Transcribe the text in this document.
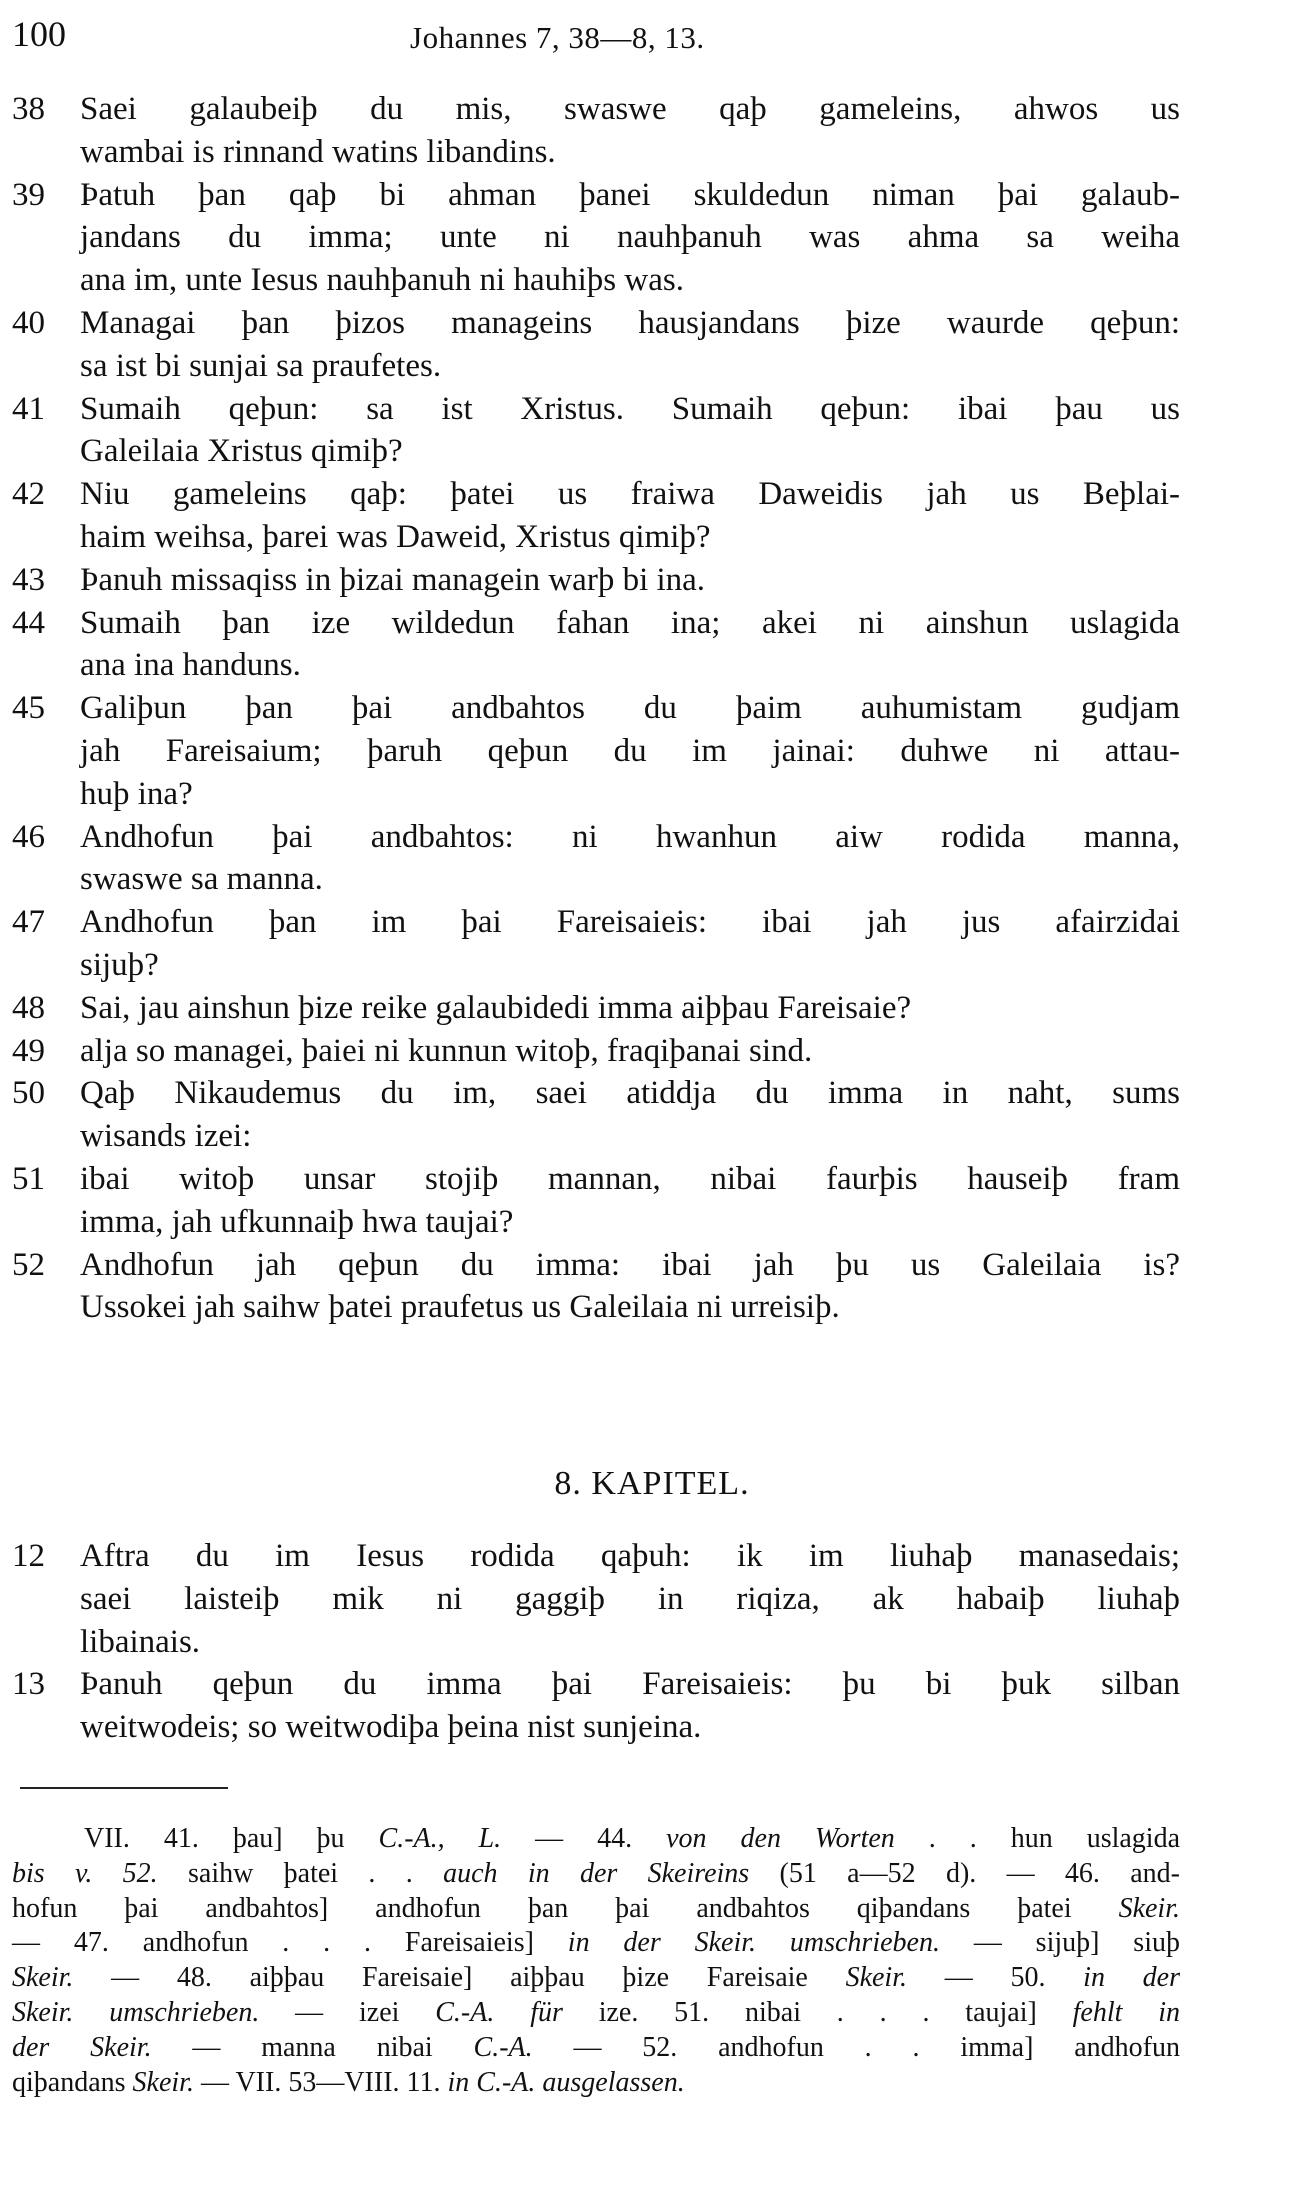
100	Johannes 7, 38—8, 13.
38	Saei galaubeiþ du mis, swaswe qaþ gameleins, ahwos us
wambai is rinnand watins libandins.
39	Þatuh þan qaþ bi ahman þanei skuldedun niman þai galaub-
jandans du imma; unte ni nauhþanuh was ahma sa weiha
ana im, unte Iesus nauhþanuh ni hauhiþs was.
40	Managai þan þizos manageins hausjandans þize waurde qeþun:
sa ist bi sunjai sa praufetes.
41	Sumaih qeþun: sa ist Xristus. Sumaih qeþun: ibai þau us
Galeilaia Xristus qimiþ?
42	Niu gameleins qaþ: þatei us fraiwa Daweidis jah us Beþlai-
haim weihsa, þarei was Daweid, Xristus qimiþ?
43	Þanuh missaqiss in þizai managein warþ bi ina.
44	Sumaih þan ize wildedun fahan ina; akei ni ainshun uslagida
ana ina handuns.
45	Galiþun þan þai andbahtos du þaim auhumistam gudjam
jah Fareisaium; þaruh qeþun du im jainai: duhwe ni attau-
huþ ina?
46	Andhofun þai andbahtos: ni hwanhun aiw rodida manna,
swaswe sa manna.
47	Andhofun þan im þai Fareisaieis: ibai jah jus afairzidai
sijuþ?
48	Sai, jau ainshun þize reike galaubidedi imma aiþþau Fareisaie?
49	alja so managei, þaiei ni kunnun witoþ, fraqiþanai sind.
50	Qaþ Nikaudemus du im, saei atiddja du imma in naht, sums
wisands izei:
51	ibai witoþ unsar stojiþ mannan, nibai faurþis hauseiþ fram
imma, jah ufkunnaiþ hwa taujai?
52	Andhofun jah qeþun du imma: ibai jah þu us Galeilaia is?
Ussokei jah saihw þatei praufetus us Galeilaia ni urreisiþ.
8. KAPITEL.
12	Aftra du im Iesus rodida qaþuh: ik im liuhaþ manasedais;
saei laisteiþ mik ni gaggiþ in riqiza, ak habaiþ liuhaþ
libainais.
13	Þanuh qeþun du imma þai Fareisaieis: þu bi þuk silban
weitwodeis; so weitwodiþa þeina nist sunjeina.
VII. 41. þau] þu C.-A., L. — 44. von den Worten . . hun uslagida
bis v. 52. saihw þatei . . auch in der Skeireins (51 a—52 d). — 46. and-
hofun þai andbahtos] andhofun þan þai andbahtos qiþandans þatei Skeir.
— 47. andhofun . . . Fareisaieis] in der Skeir. umschrieben. — sijuþ] siuþ
Skeir. — 48. aiþþau Fareisaie] aiþþau þize Fareisaie Skeir. — 50. in der
Skeir. umschrieben. — izei C.-A. für ize. 51. nibai . . . taujai] fehlt in
der Skeir. — manna nibai C.-A. — 52. andhofun . . imma] andhofun
qiþandans Skeir. — VII. 53—VIII. 11. in C.-A. ausgelassen.
